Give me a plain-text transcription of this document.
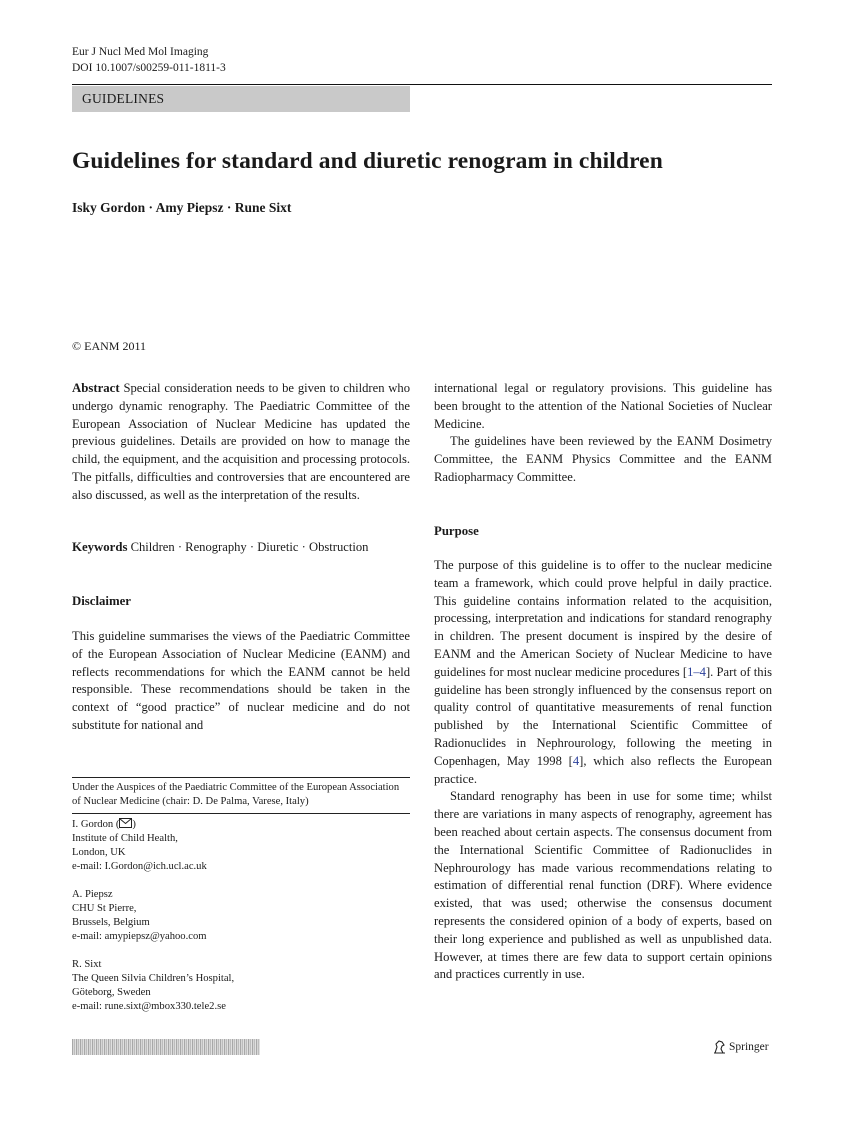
Eur J Nucl Med Mol Imaging
DOI 10.1007/s00259-011-1811-3
GUIDELINES
Guidelines for standard and diuretic renogram in children
Isky Gordon · Amy Piepsz · Rune Sixt
© EANM 2011

Abstract Special consideration needs to be given to children who undergo dynamic renography. The Paediatric Committee of the European Association of Nuclear Medicine has updated the previous guidelines. Details are provided on how to manage the child, the equipment, and the acquisition and processing protocols. The pitfalls, difficulties and controversies that are encountered are also discussed, as well as the interpretation of the results.

Keywords Children · Renography · Diuretic · Obstruction

Disclaimer

This guideline summarises the views of the Paediatric Committee of the European Association of Nuclear Medicine (EANM) and reflects recommendations for which the EANM cannot be held responsible. These recommendations should be taken in the context of “good practice” of nuclear medicine and do not substitute for national and

Under the Auspices of the Paediatric Committee of the European Association of Nuclear Medicine (chair: D. De Palma, Varese, Italy)

I. Gordon ( )

Institute of Child Health,

London, UK

e-mail: I.Gordon@ich.ucl.ac.uk

A. Piepsz

CHU St Pierre,

Brussels, Belgium

e-mail: amypiepsz@yahoo.com

R. Sixt

The Queen Silvia Children’s Hospital,

Göteborg, Sweden

e-mail: rune.sixt@mbox330.tele2.se

international legal or regulatory provisions. This guideline has been brought to the attention of the National Societies of Nuclear Medicine.

The guidelines have been reviewed by the EANM Dosimetry Committee, the EANM Physics Committee and the EANM Radiopharmacy Committee.

Purpose

The purpose of this guideline is to offer to the nuclear medicine team a framework, which could prove helpful in daily practice. This guideline contains information related to the acquisition, processing, interpretation and indications for standard renography in children. The present document is inspired by the desire of EANM and the American Society of Nuclear Medicine to have guidelines for most nuclear medicine procedures [1–4]. Part of this guideline has been strongly influenced by the consensus report on quality control of quantitative measurements of renal function published by the International Scientific Committee of Radionuclides in Nephrourology, following the meeting in Copenhagen, May 1998 [4], which also reflects the European practice.

Standard renography has been in use for some time; whilst there are variations in many aspects of renography, agreement has been reached about certain aspects. The consensus document from the International Scientific Committee of Radionuclides in Nephrourology has made various recommendations relating to estimation of differential renal function (DRF). Where evidence existed, that was used; otherwise the consensus document represents the considered opinion of a body of experts, based on their long experience and published as well as unpublished data. However, at times there are few data to support certain opinions and practices currently in use.

Springer
